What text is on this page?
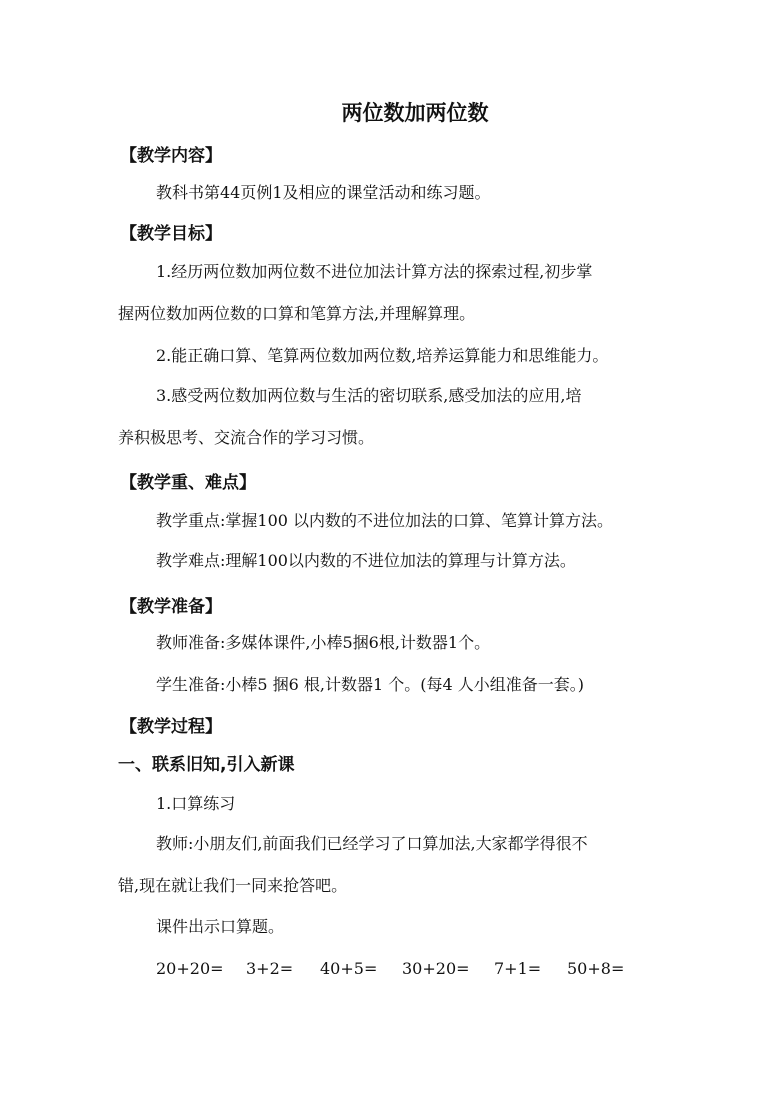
两位数加两位数
【教学内容】
教科书第44页例1及相应的课堂活动和练习题。
【教学目标】
1.经历两位数加两位数不进位加法计算方法的探索过程,初步掌
握两位数加两位数的口算和笔算方法,并理解算理。
2.能正确口算、笔算两位数加两位数,培养运算能力和思维能力。
3.感受两位数加两位数与生活的密切联系,感受加法的应用,培
养积极思考、交流合作的学习习惯。
【教学重、难点】
教学重点:掌握100 以内数的不进位加法的口算、笔算计算方法。
教学难点:理解100以内数的不进位加法的算理与计算方法。
【教学准备】
教师准备:多媒体课件,小棒5捆6根,计数器1个。
学生准备:小棒5 捆6 根,计数器1 个。(每4 人小组准备一套。)
【教学过程】
一、联系旧知,引入新课
1.口算练习
教师:小朋友们,前面我们已经学习了口算加法,大家都学得很不
错,现在就让我们一同来抢答吧。
课件出示口算题。
20+20= 3+2= 40+5= 30+20= 7+1= 50+8=
